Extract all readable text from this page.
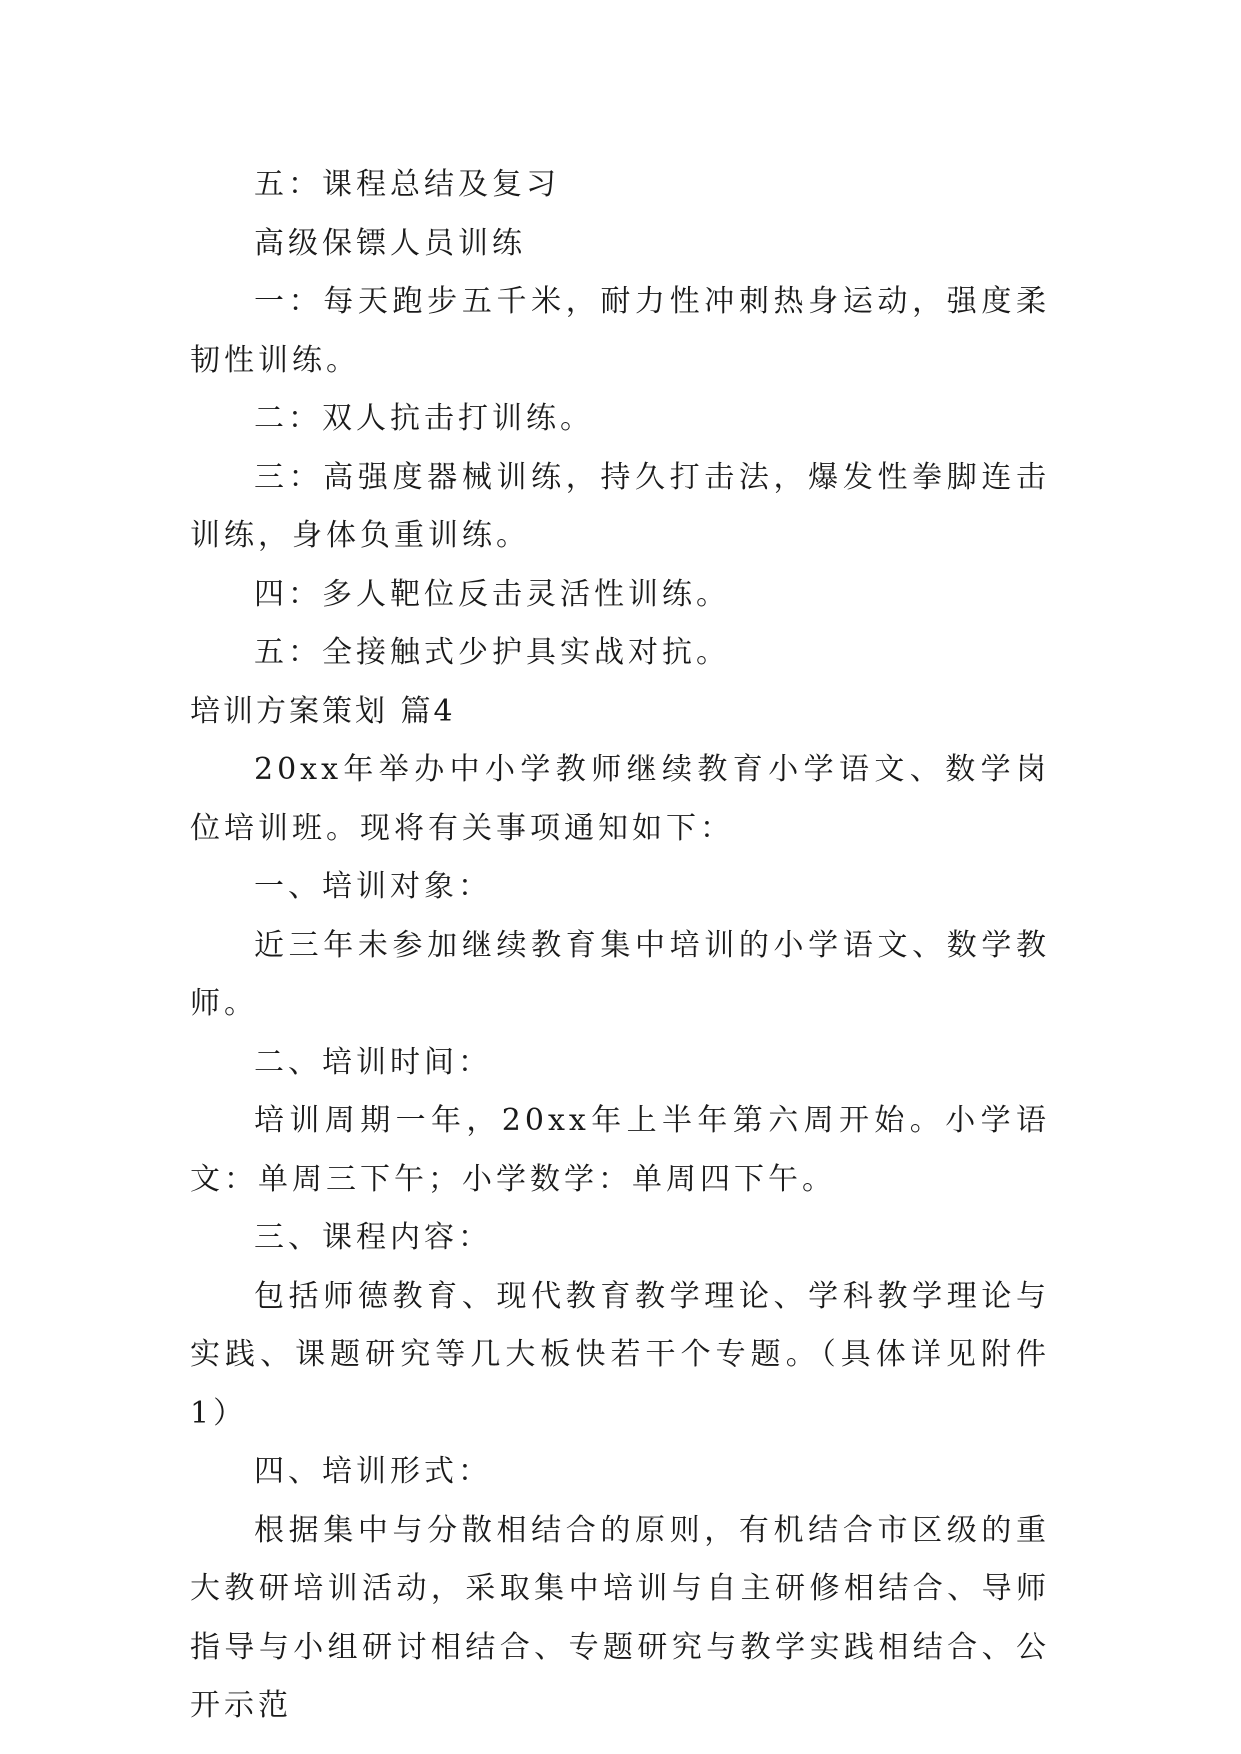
五：课程总结及复习

高级保镖人员训练

一：每天跑步五千米，耐力性冲刺热身运动，强度柔韧性训练。

二：双人抗击打训练。

三：高强度器械训练，持久打击法，爆发性拳脚连击训练，身体负重训练。

四：多人靶位反击灵活性训练。

五：全接触式少护具实战对抗。

培训方案策划 篇4

20xx年举办中小学教师继续教育小学语文、数学岗位培训班。现将有关事项通知如下：

一、培训对象：

近三年未参加继续教育集中培训的小学语文、数学教师。

二、培训时间：

培训周期一年，20xx年上半年第六周开始。小学语文：单周三下午；小学数学：单周四下午。

三、课程内容：

包括师德教育、现代教育教学理论、学科教学理论与实践、课题研究等几大板快若干个专题。（具体详见附件1）

四、培训形式：

根据集中与分散相结合的原则，有机结合市区级的重大教研培训活动，采取集中培训与自主研修相结合、导师指导与小组研讨相结合、专题研究与教学实践相结合、公开示范
